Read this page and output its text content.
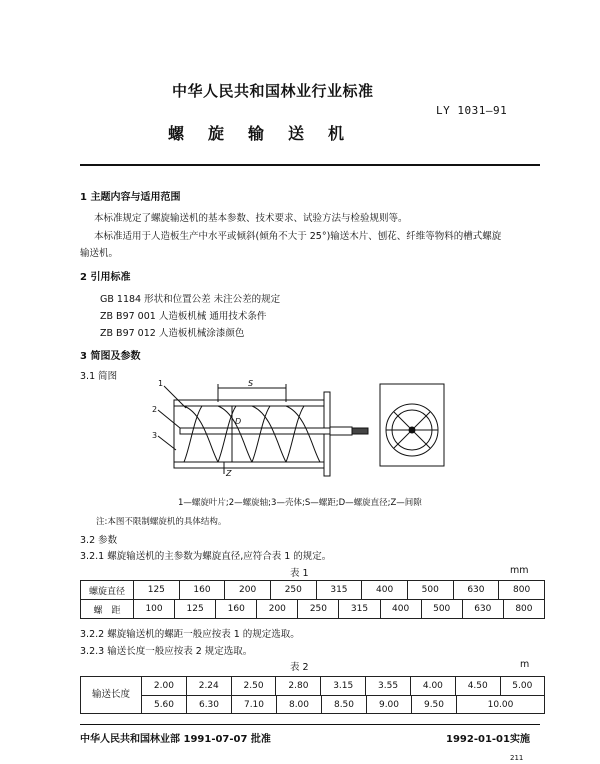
中华人民共和国林业行业标准
LY 1031—91
螺旋输送机
1 主题内容与适用范围
本标准规定了螺旋输送机的基本参数、技术要求、试验方法与检验规则等。
本标准适用于人造板生产中水平或倾斜(倾角不大于 25°)输送木片、刨花、纤维等物料的槽式螺旋
输送机。
2 引用标准
GB 1184 形状和位置公差 未注公差的规定
ZB B97 001 人造板机械 通用技术条件
ZB B97 012 人造板机械涂漆颜色
3 简图及参数
3.1 简图
1
2
3
S
D
Z
1—螺旋叶片;2—螺旋轴;3—壳体;S—螺距;D—螺旋直径;Z—间隙
注:本图不限制螺旋机的具体结构。
3.2 参数
3.2.1 螺旋输送机的主参数为螺旋直径,应符合表 1 的规定。
表 1	mm
螺旋直径	125	160	200	250	315	400	500	630	800
螺　距	100	125	160	200	250	315	400	500	630	800
3.2.2 螺旋输送机的螺距一般应按表 1 的规定选取。
3.2.3 输送长度一般应按表 2 规定选取。
表 2	m
输送长度
2.00	2.24	2.50	2.80	3.15	3.55	4.00	4.50	5.00
5.60	6.30	7.10	8.00	8.50	9.00	9.50	10.00
中华人民共和国林业部 1991-07-07 批准	1992-01-01实施
211
